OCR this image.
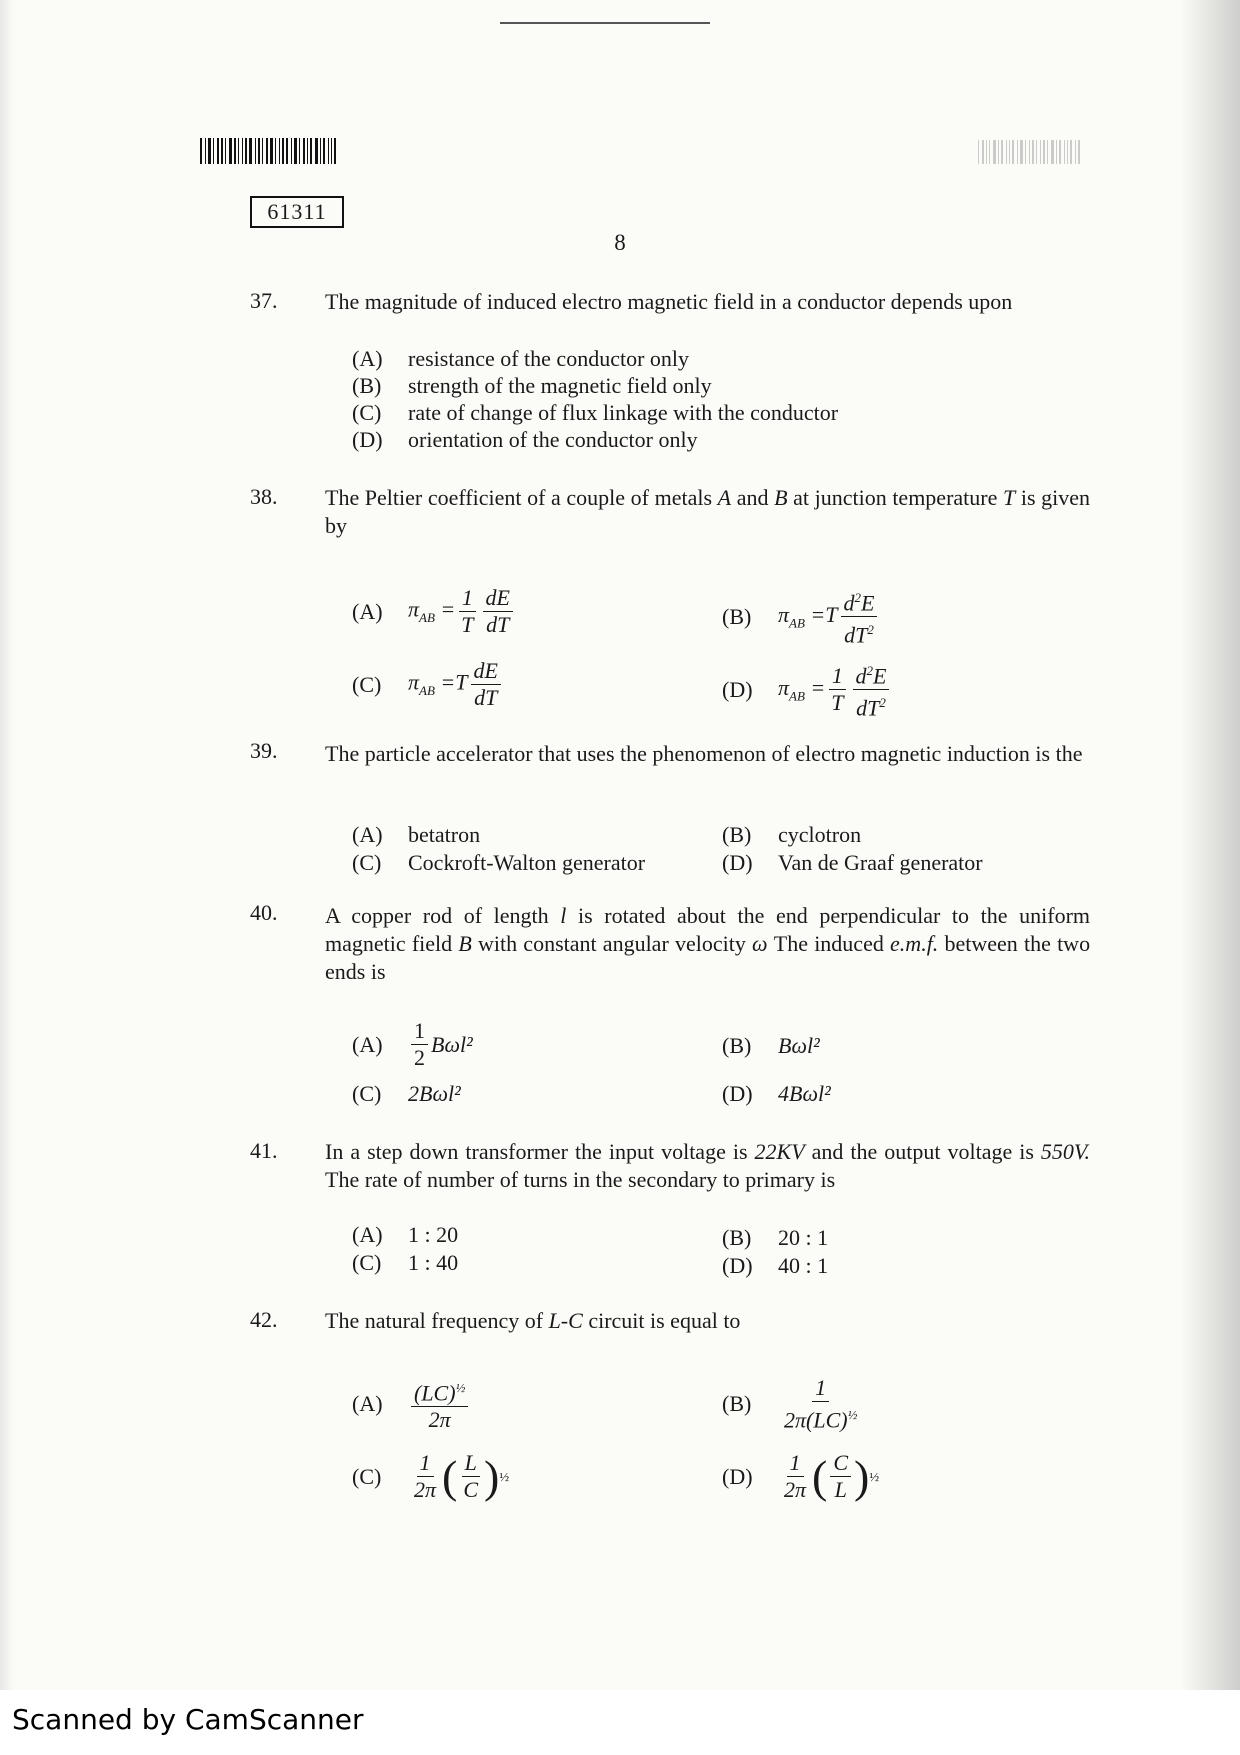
61311
8
37. The magnitude of induced electro magnetic field in a conductor depends upon
(A)	resistance of the conductor only
(B)	strength of the magnetic field only
(C)	rate of change of flux linkage with the conductor
(D)	orientation of the conductor only
38. The Peltier coefficient of a couple of metals A and B at junction temperature T is given by
(A)	$\pi_{AB} = \frac{1}{T} \frac{dE}{dT}$	(B)	$\pi_{AB} =T \frac{d^2E}{dT^2}$
(C)	$\pi_{AB} =T \frac{dE}{dT}$	(D)	$\pi_{AB} = \frac{1}{T} \frac{d^2E}{dT^2}$
39. The particle accelerator that uses the phenomenon of electro magnetic induction is the
(A)	betatron	(B)	cyclotron
(C)	Cockroft-Walton generator	(D)	Van de Graaf generator
40. A copper rod of length l is rotated about the end perpendicular to the uniform magnetic field B with constant angular velocity ω The induced e.m.f. between the two ends is
(A)	$\frac{1}{2} B\omega l^2$	(B)	Bωl²
(C)	2Bωl²	(D)	4Bωl²
41. In a step down transformer the input voltage is 22KV and the output voltage is 550V. The rate of number of turns in the secondary to primary is
(A)	1 : 20	(B)	20 : 1
(C)	1 : 40	(D)	40 : 1
42. The natural frequency of L-C circuit is equal to
(A)	$\frac{(LC)^{\frac{1}{2}}}{2\pi}$	(B)	$\frac{1}{2\pi(LC)^{\frac{1}{2}}}$
(C)	$\frac{1}{2\pi}$ ( $\frac{L}{C}$ ) ½	(D)	$\frac{1}{2\pi}$ ( $\frac{C}{L}$ ) ½
Scanned by CamScanner
